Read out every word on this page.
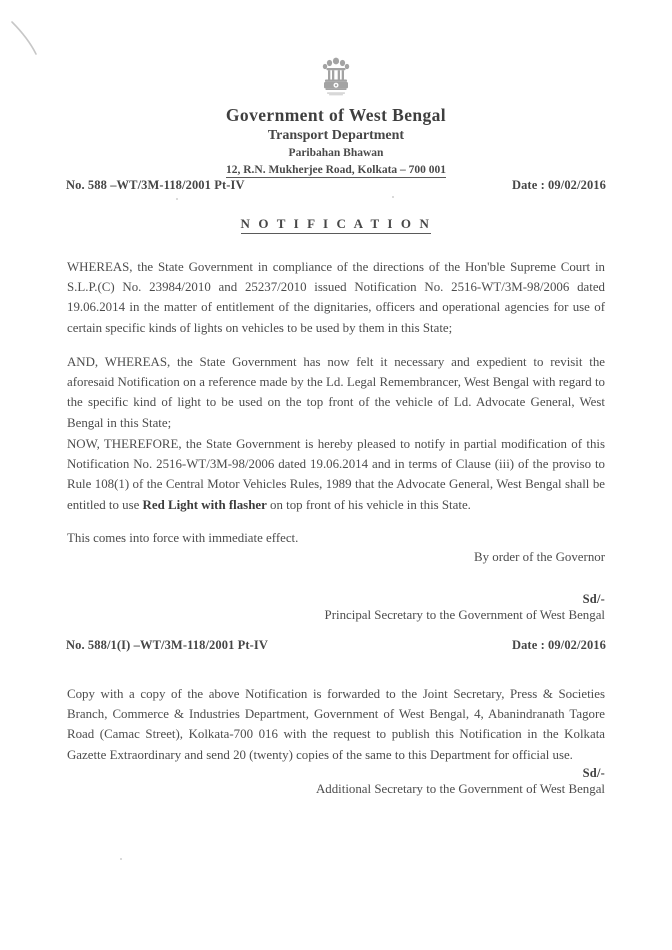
Government of West Bengal
Transport Department
Paribahan Bhawan
12, R.N. Mukherjee Road, Kolkata – 700 001
No. 588 –WT/3M-118/2001 Pt-IV	Date : 09/02/2016
N O T I F I C A T I O N
WHEREAS, the State Government in compliance of the directions of the Hon'ble Supreme Court in S.L.P.(C) No. 23984/2010 and 25237/2010 issued Notification No. 2516-WT/3M-98/2006 dated 19.06.2014 in the matter of entitlement of the dignitaries, officers and operational agencies for use of certain specific kinds of lights on vehicles to be used by them in this State;
AND, WHEREAS, the State Government has now felt it necessary and expedient to revisit the aforesaid Notification on a reference made by the Ld. Legal Remembrancer, West Bengal with regard to the specific kind of light to be used on the top front of the vehicle of Ld. Advocate General, West Bengal in this State;
NOW, THEREFORE, the State Government is hereby pleased to notify in partial modification of this Notification No. 2516-WT/3M-98/2006 dated 19.06.2014 and in terms of Clause (iii) of the proviso to Rule 108(1) of the Central Motor Vehicles Rules, 1989 that the Advocate General, West Bengal shall be entitled to use Red Light with flasher on top front of his vehicle in this State.
This comes into force with immediate effect.
By order of the Governor
Sd/-
Principal Secretary to the Government of West Bengal
No. 588/1(I) –WT/3M-118/2001 Pt-IV	Date : 09/02/2016
Copy with a copy of the above Notification is forwarded to the Joint Secretary, Press & Societies Branch, Commerce & Industries Department, Government of West Bengal, 4, Abanindranath Tagore Road (Camac Street), Kolkata-700 016 with the request to publish this Notification in the Kolkata Gazette Extraordinary and send 20 (twenty) copies of the same to this Department for official use.
Sd/-
Additional Secretary to the Government of West Bengal
